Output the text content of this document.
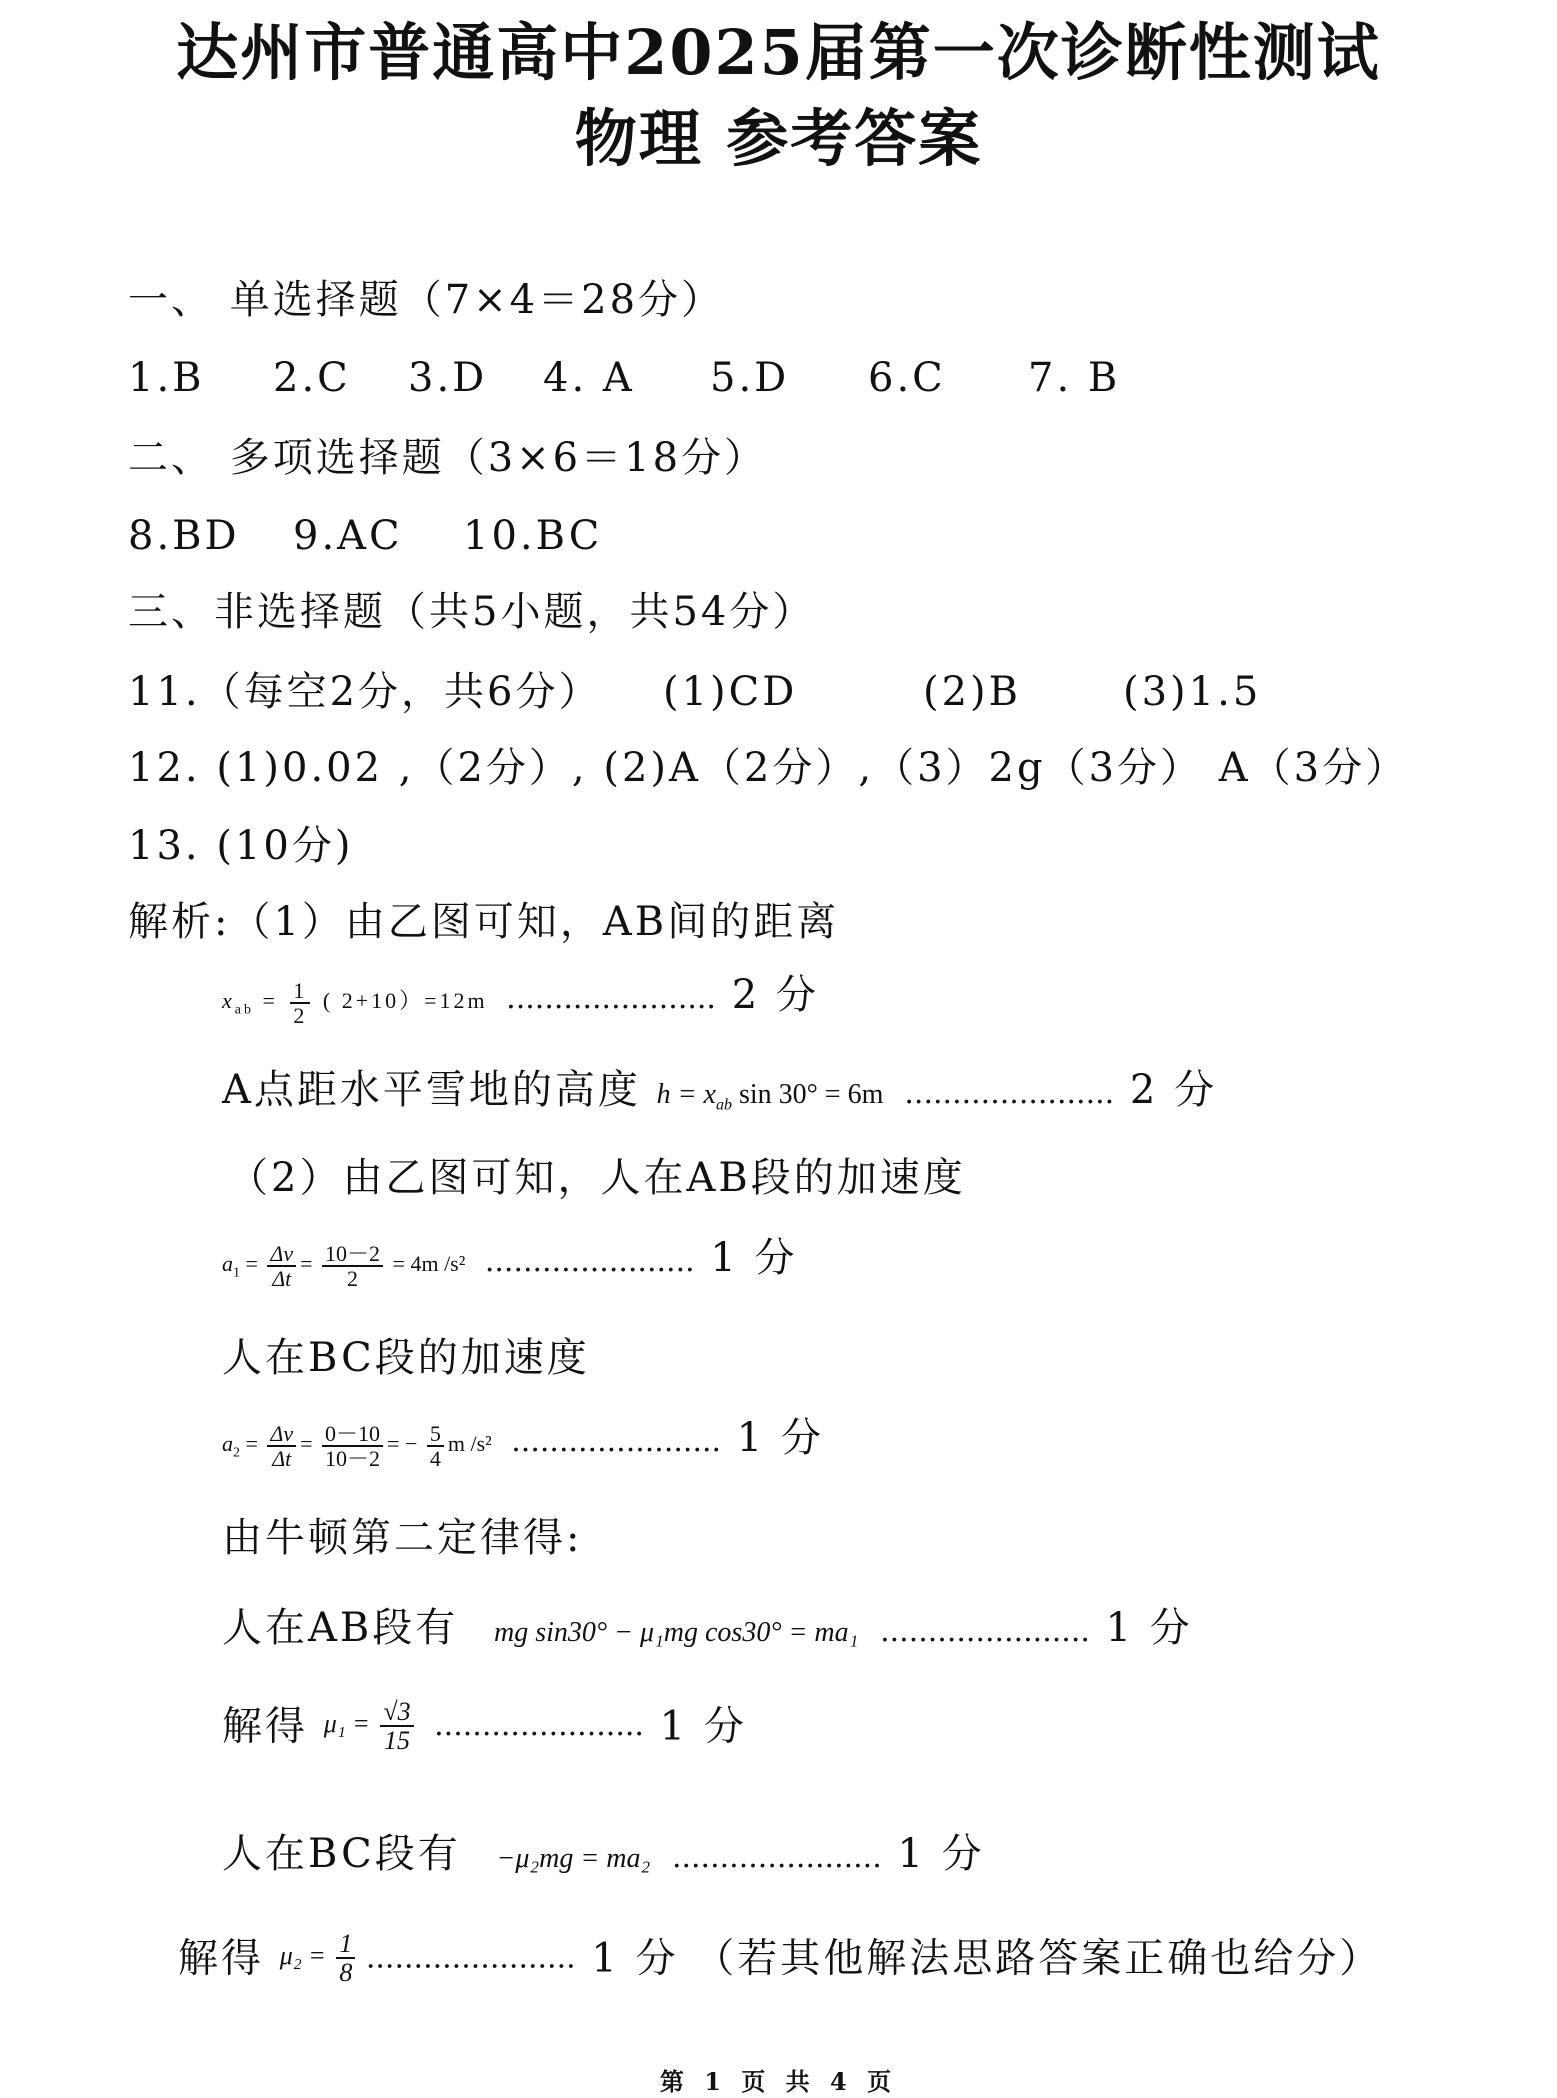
达州市普通高中2025届第一次诊断性测试
物理 参考答案
一、 单选择题（7×4＝28分）
1.B 2.C 3.D 4. A 5.D 6.C 7. B
二、 多项选择题（3×6＝18分）
8.BD 9.AC 10.BC
三、非选择题（共5小题，共54分）
11.（每空2分，共6分） (1)CD	(2)B	(3)1.5
12. (1)0.02 ,（2分）, (2)A（2分）,（3）2g（3分） A（3分）
13. (10分)
解析:（1）由乙图可知，AB间的距离
$x_{ab} = \frac{1}{2}$ ( 2+10）=12m ...................... 2 分
A点距水平雪地的高度 $h = x_{ab}$ sin 30° = 6m ...................... 2 分
（2）由乙图可知，人在AB段的加速度
$a_1 = \frac{\Delta v}{\Delta t} = \frac{10-2}{2} = 4m$ /s² ...................... 1 分
人在BC段的加速度
$a_2 = \frac{\Delta v}{\Delta t} = \frac{0-10}{10-2}$ = − $\frac{5}{4}$ m /s² ...................... 1 分
由牛顿第二定律得:
人在AB段有 mg sin30° − μ₁mg cos30° = ma₁ ...................... 1 分
解得 $\mu_1 = \frac{√3}{15}$ ...................... 1 分
人在BC段有 −μ₂mg = ma₂ ...................... 1 分
解得 $\mu_2 = \frac{1}{8}$ ...................... 1 分 （若其他解法思路答案正确也给分）
第 1 页 共 4 页
